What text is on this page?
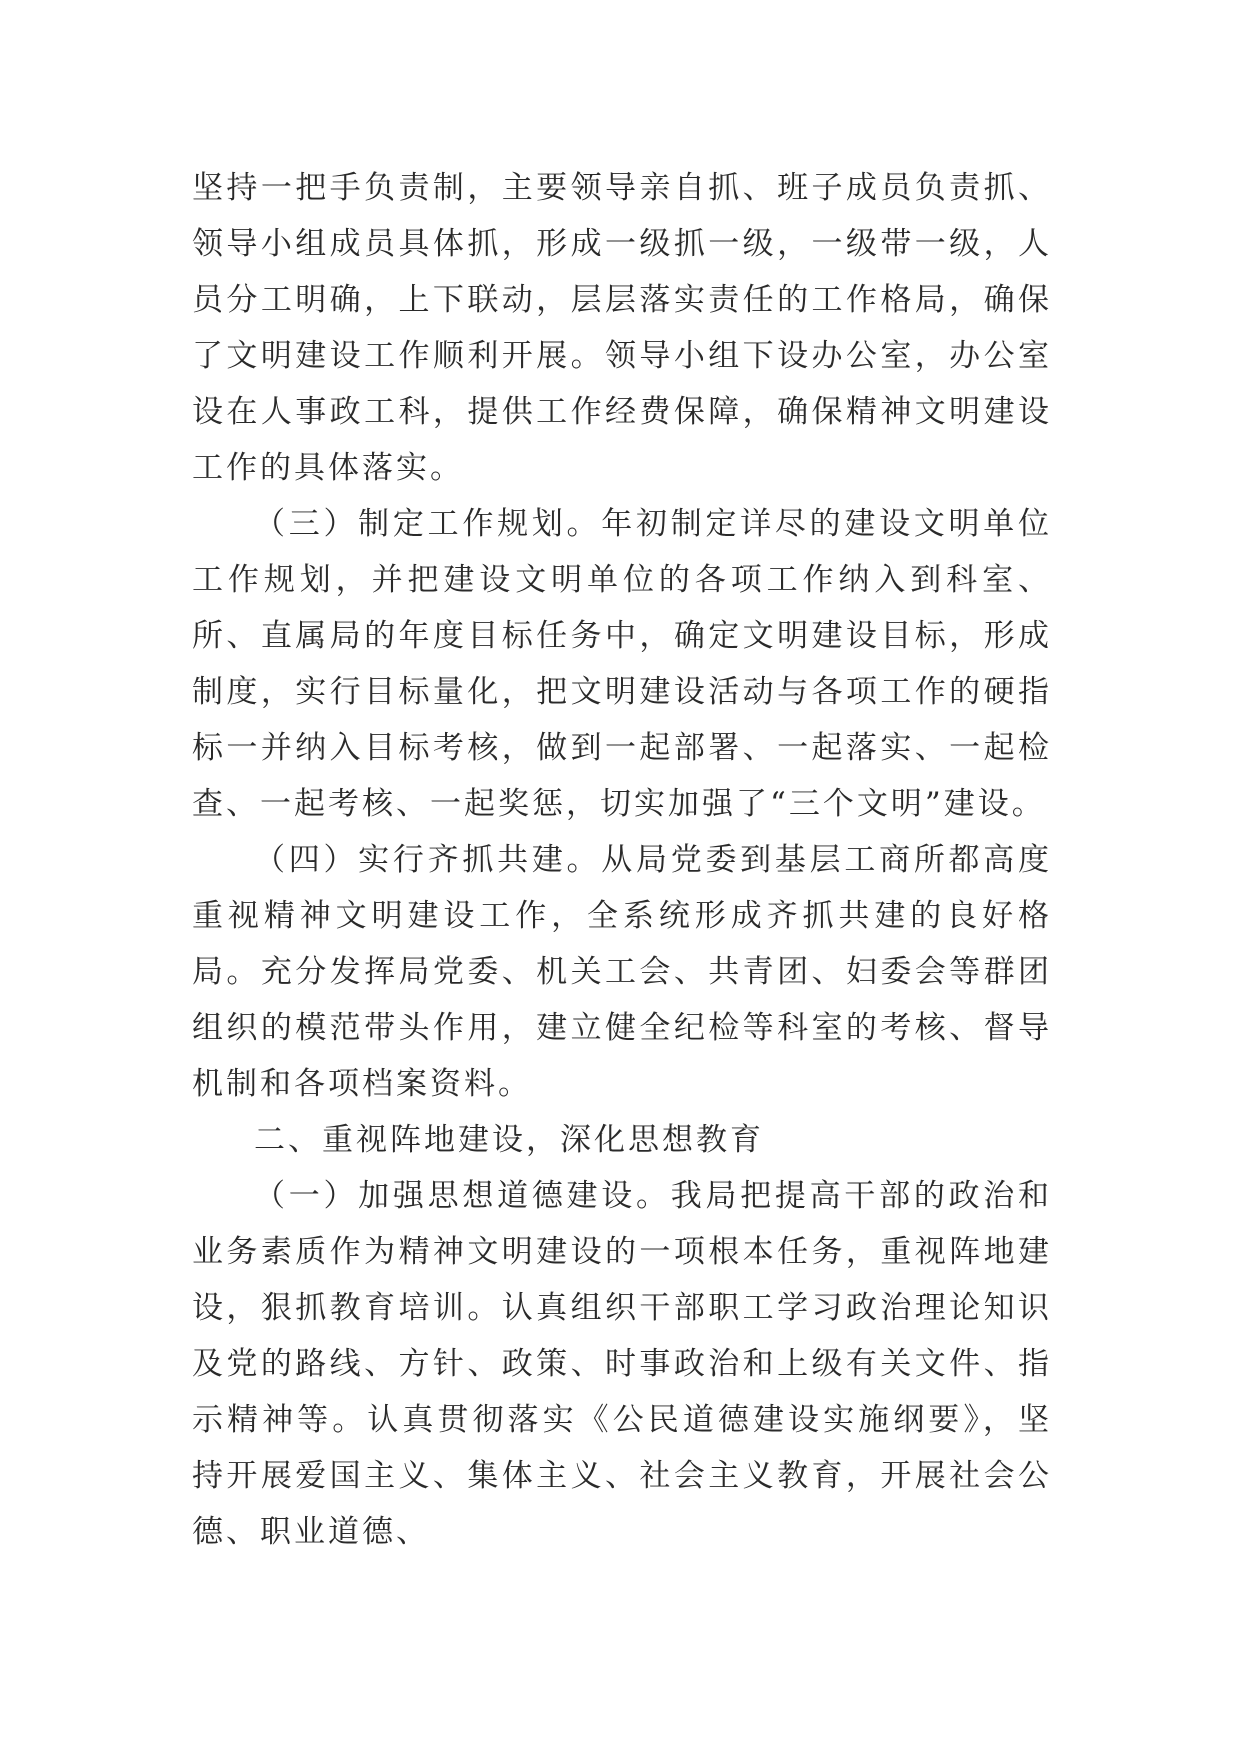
坚持一把手负责制，主要领导亲自抓、班子成员负责抓、领导小组成员具体抓，形成一级抓一级，一级带一级，人员分工明确，上下联动，层层落实责任的工作格局，确保了文明建设工作顺利开展。领导小组下设办公室，办公室设在人事政工科，提供工作经费保障，确保精神文明建设工作的具体落实。

（三）制定工作规划。年初制定详尽的建设文明单位工作规划，并把建设文明单位的各项工作纳入到科室、所、直属局的年度目标任务中，确定文明建设目标，形成制度，实行目标量化，把文明建设活动与各项工作的硬指标一并纳入目标考核，做到一起部署、一起落实、一起检查、一起考核、一起奖惩，切实加强了“三个文明”建设。

（四）实行齐抓共建。从局党委到基层工商所都高度重视精神文明建设工作，全系统形成齐抓共建的良好格局。充分发挥局党委、机关工会、共青团、妇委会等群团组织的模范带头作用，建立健全纪检等科室的考核、督导机制和各项档案资料。

二、重视阵地建设，深化思想教育

（一）加强思想道德建设。我局把提高干部的政治和业务素质作为精神文明建设的一项根本任务，重视阵地建设，狠抓教育培训。认真组织干部职工学习政治理论知识及党的路线、方针、政策、时事政治和上级有关文件、指示精神等。认真贯彻落实《公民道德建设实施纲要》，坚持开展爱国主义、集体主义、社会主义教育，开展社会公德、职业道德、
